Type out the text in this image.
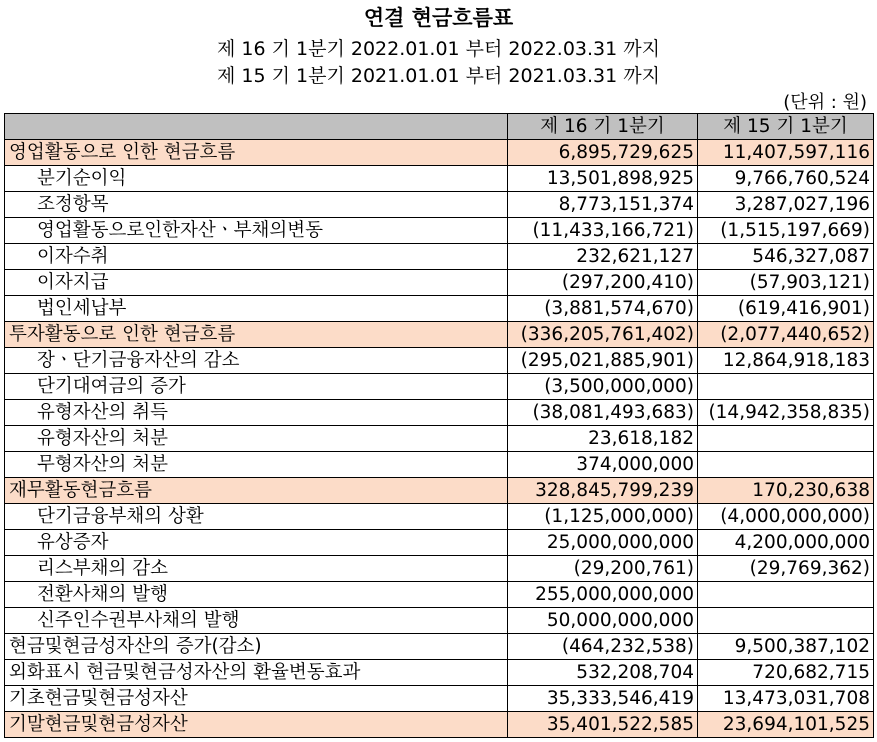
연결 현금흐름표
제 16 기 1분기 2022.01.01 부터 2022.03.31 까지
제 15 기 1분기 2021.01.01 부터 2021.03.31 까지
(단위 : 원)
	제 16 기 1분기	제 15 기 1분기
영업활동으로 인한 현금흐름	6,895,729,625	11,407,597,116
분기순이익	13,501,898,925	9,766,760,524
조정항목	8,773,151,374	3,287,027,196
영업활동으로인한자산ㆍ부채의변동	(11,433,166,721)	(1,515,197,669)
이자수취	232,621,127	546,327,087
이자지급	(297,200,410)	(57,903,121)
법인세납부	(3,881,574,670)	(619,416,901)
투자활동으로 인한 현금흐름	(336,205,761,402)	(2,077,440,652)
장ㆍ단기금융자산의 감소	(295,021,885,901)	12,864,918,183
단기대여금의 증가	(3,500,000,000)	
유형자산의 취득	(38,081,493,683)	(14,942,358,835)
유형자산의 처분	23,618,182	
무형자산의 처분	374,000,000	
재무활동현금흐름	328,845,799,239	170,230,638
단기금융부채의 상환	(1,125,000,000)	(4,000,000,000)
유상증자	25,000,000,000	4,200,000,000
리스부채의 감소	(29,200,761)	(29,769,362)
전환사채의 발행	255,000,000,000	
신주인수권부사채의 발행	50,000,000,000	
현금및현금성자산의 증가(감소)	(464,232,538)	9,500,387,102
외화표시 현금및현금성자산의 환율변동효과	532,208,704	720,682,715
기초현금및현금성자산	35,333,546,419	13,473,031,708
기말현금및현금성자산	35,401,522,585	23,694,101,525
